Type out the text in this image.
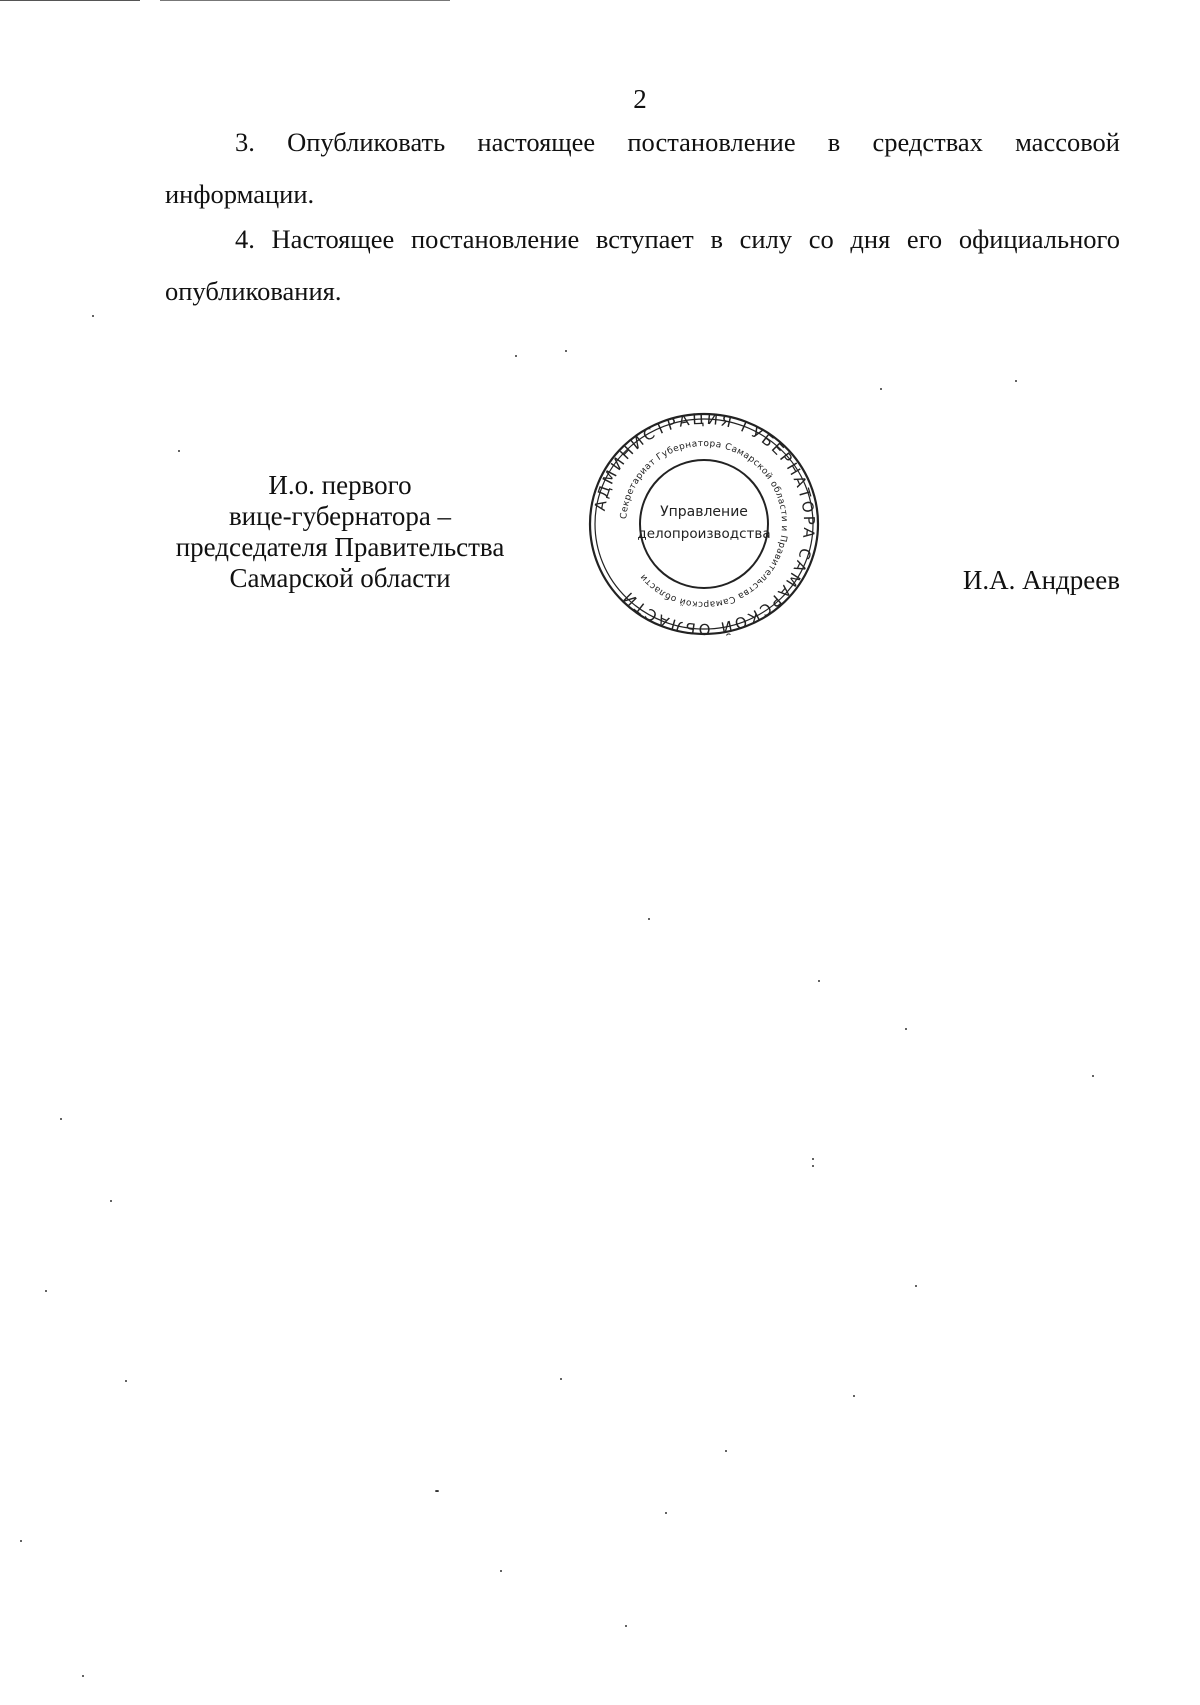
2
3. Опубликовать настоящее постановление в средствах массовой
информации.
4. Настоящее постановление вступает в силу со дня его официального
опубликования.
И.о. первого
вице-губернатора –
председателя Правительства
Самарской области
АДМИНИСТРАЦИЯ ГУБЕРНАТОРА САМАРСКОЙ ОБЛАСТИ
Секретариат Губернатора Самарской области и Правительства Самарской области
Управление
делопроизводства
И.А. Андреев
